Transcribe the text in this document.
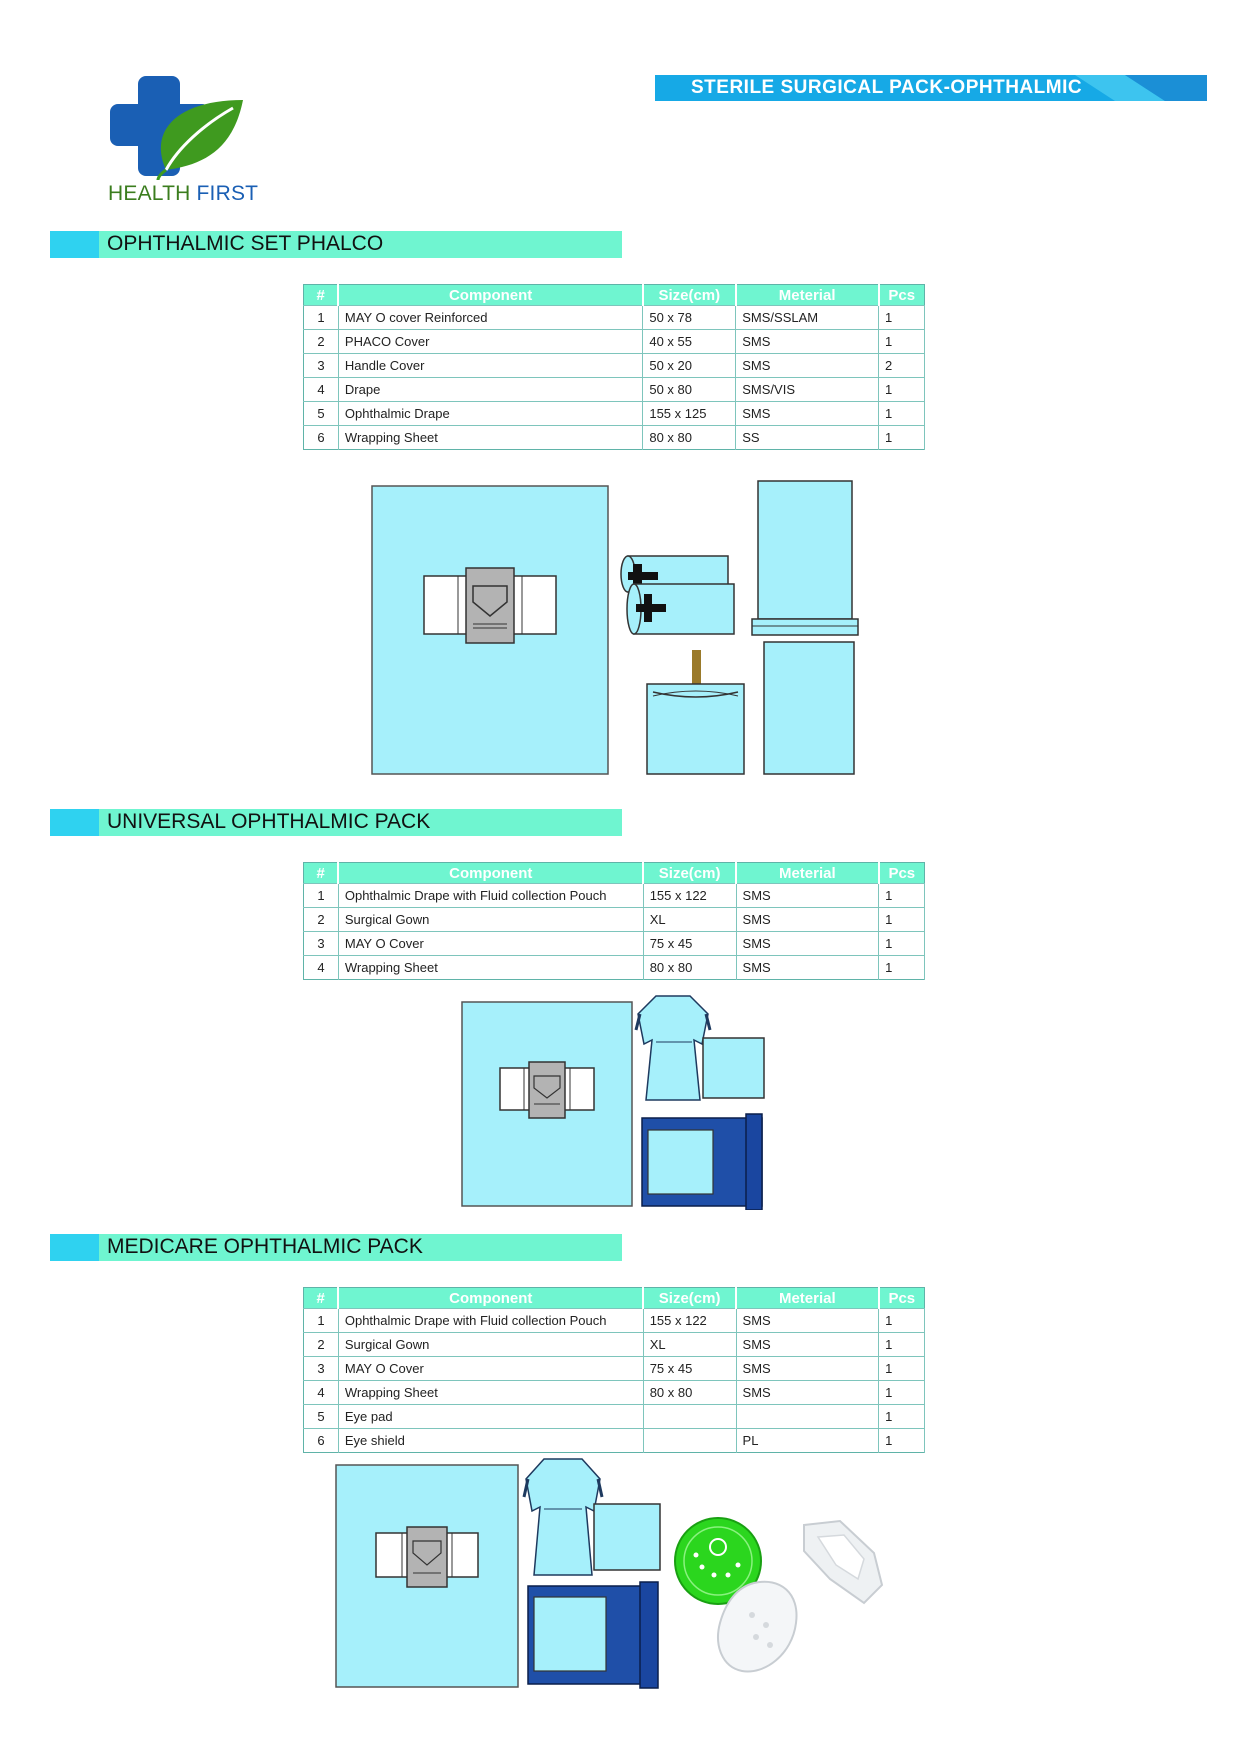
HEALTH FIRST
STERILE SURGICAL PACK-OPHTHALMIC
OPHTHALMIC SET PHALCO
#	Component	Size(cm)	Meterial	Pcs
1	MAY O cover Reinforced	50 x 78	SMS/SSLAM	1
2	PHACO Cover	40 x 55	SMS	1
3	Handle Cover	50 x 20	SMS	2
4	Drape	50 x 80	SMS/VIS	1
5	Ophthalmic Drape	155 x 125	SMS	1
6	Wrapping Sheet	80 x 80	SS	1
UNIVERSAL OPHTHALMIC PACK
#	Component	Size(cm)	Meterial	Pcs
1	Ophthalmic Drape with Fluid collection Pouch	155 x 122	SMS	1
2	Surgical Gown	XL	SMS	1
3	MAY O Cover	75 x 45	SMS	1
4	Wrapping Sheet	80 x 80	SMS	1
MEDICARE OPHTHALMIC PACK
#	Component	Size(cm)	Meterial	Pcs
1	Ophthalmic Drape with Fluid collection Pouch	155 x 122	SMS	1
2	Surgical Gown	XL	SMS	1
3	MAY O Cover	75 x 45	SMS	1
4	Wrapping Sheet	80 x 80	SMS	1
5	Eye pad			1
6	Eye shield		PL	1
